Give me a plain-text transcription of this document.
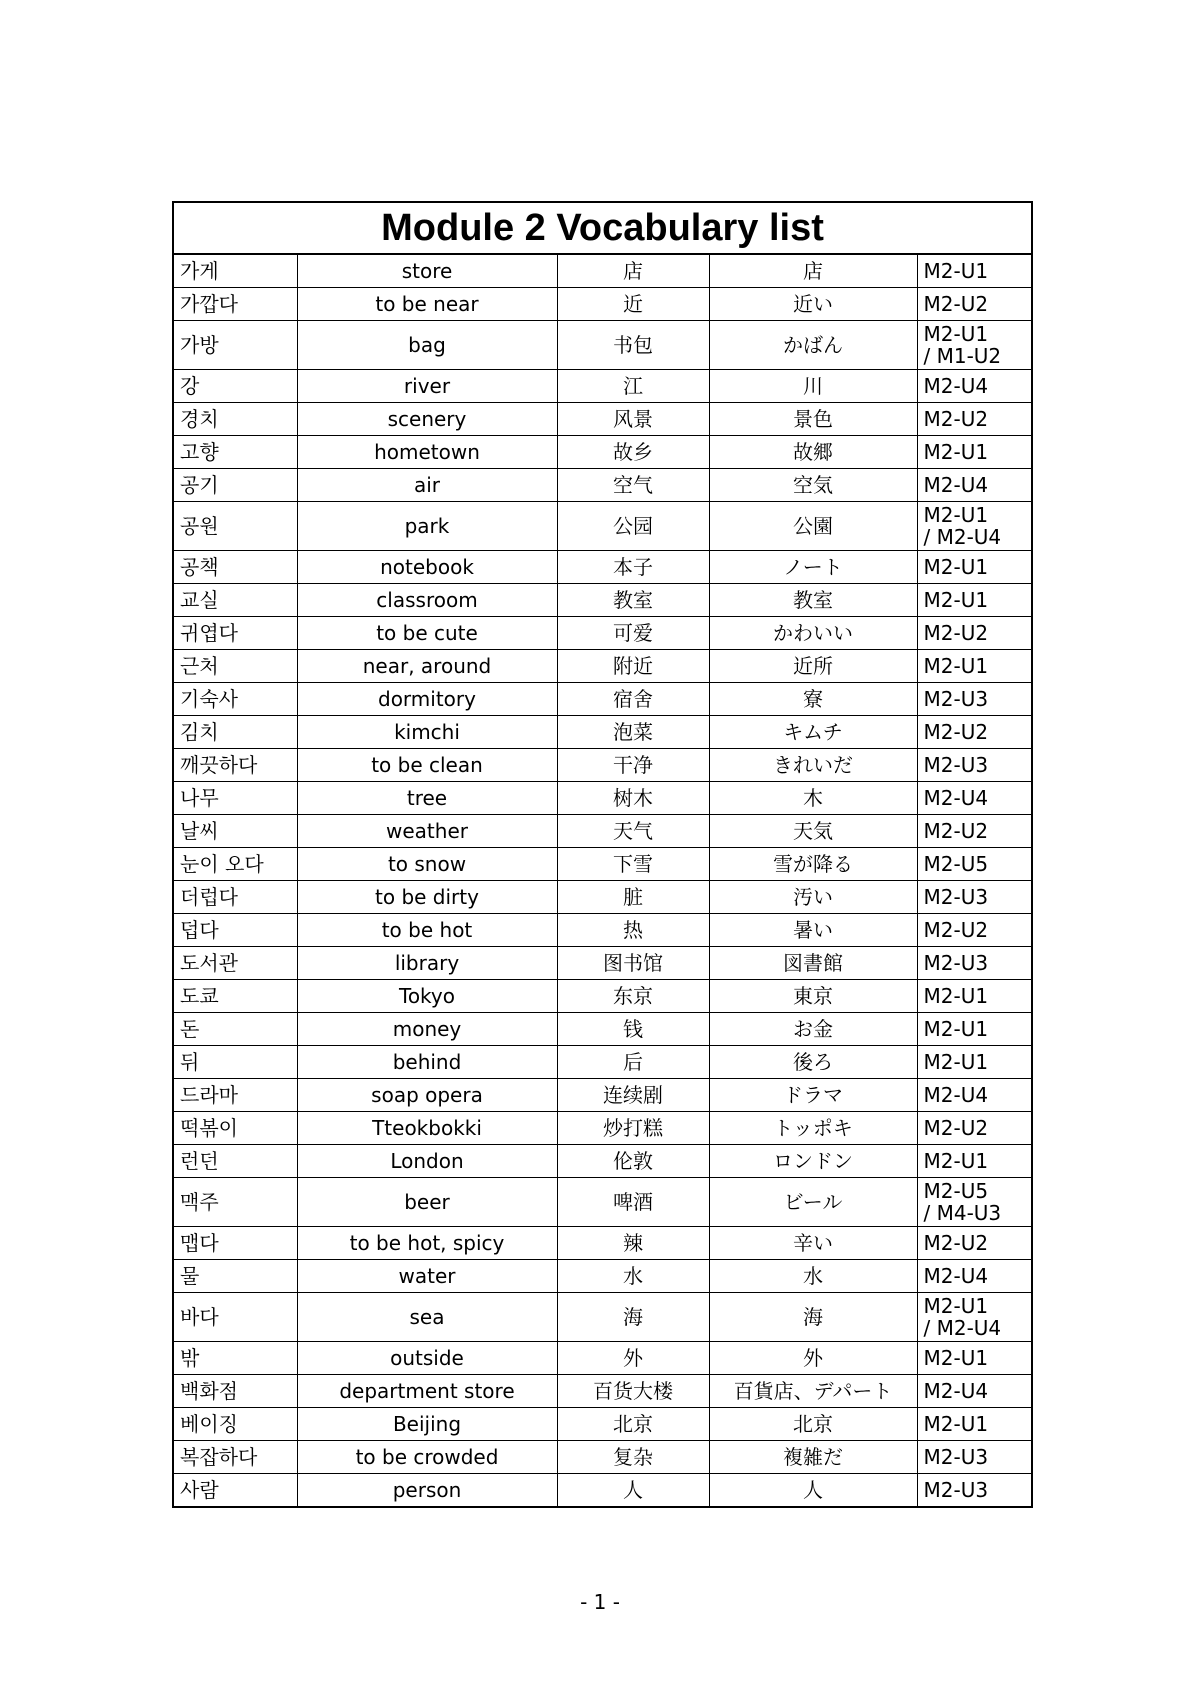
Module 2 Vocabulary list				
가게	store	店	店	M2-U1

가깝다	to be near	近	近い	M2-U2

가방	bag	书包	かばん	M2-U1
/ M1-U2

강	river	江	川	M2-U4

경치	scenery	风景	景色	M2-U2

고향	hometown	故乡	故郷	M2-U1

공기	air	空气	空気	M2-U4

공원	park	公园	公園	M2-U1
/ M2-U4

공책	notebook	本子	ノート	M2-U1

교실	classroom	教室	教室	M2-U1

귀엽다	to be cute	可爱	かわいい	M2-U2

근처	near, around	附近	近所	M2-U1

기숙사	dormitory	宿舍	寮	M2-U3

김치	kimchi	泡菜	キムチ	M2-U2

깨끗하다	to be clean	干净	きれいだ	M2-U3

나무	tree	树木	木	M2-U4

날씨	weather	天气	天気	M2-U2

눈이 오다	to snow	下雪	雪が降る	M2-U5

더럽다	to be dirty	脏	汚い	M2-U3

덥다	to be hot	热	暑い	M2-U2

도서관	library	图书馆	図書館	M2-U3

도쿄	Tokyo	东京	東京	M2-U1

돈	money	钱	お金	M2-U1

뒤	behind	后	後ろ	M2-U1

드라마	soap opera	连续剧	ドラマ	M2-U4

떡볶이	Tteokbokki	炒打糕	トッポキ	M2-U2

런던	London	伦敦	ロンドン	M2-U1

맥주	beer	啤酒	ビール	M2-U5
/ M4-U3

맵다	to be hot, spicy	辣	辛い	M2-U2

물	water	水	水	M2-U4

바다	sea	海	海	M2-U1
/ M2-U4

밖	outside	外	外	M2-U1

백화점	department store	百货大楼	百貨店、デパート	M2-U4

베이징	Beijing	北京	北京	M2-U1

복잡하다	to be crowded	复杂	複雑だ	M2-U3

사람	person	人	人	M2-U3
- 1 -
